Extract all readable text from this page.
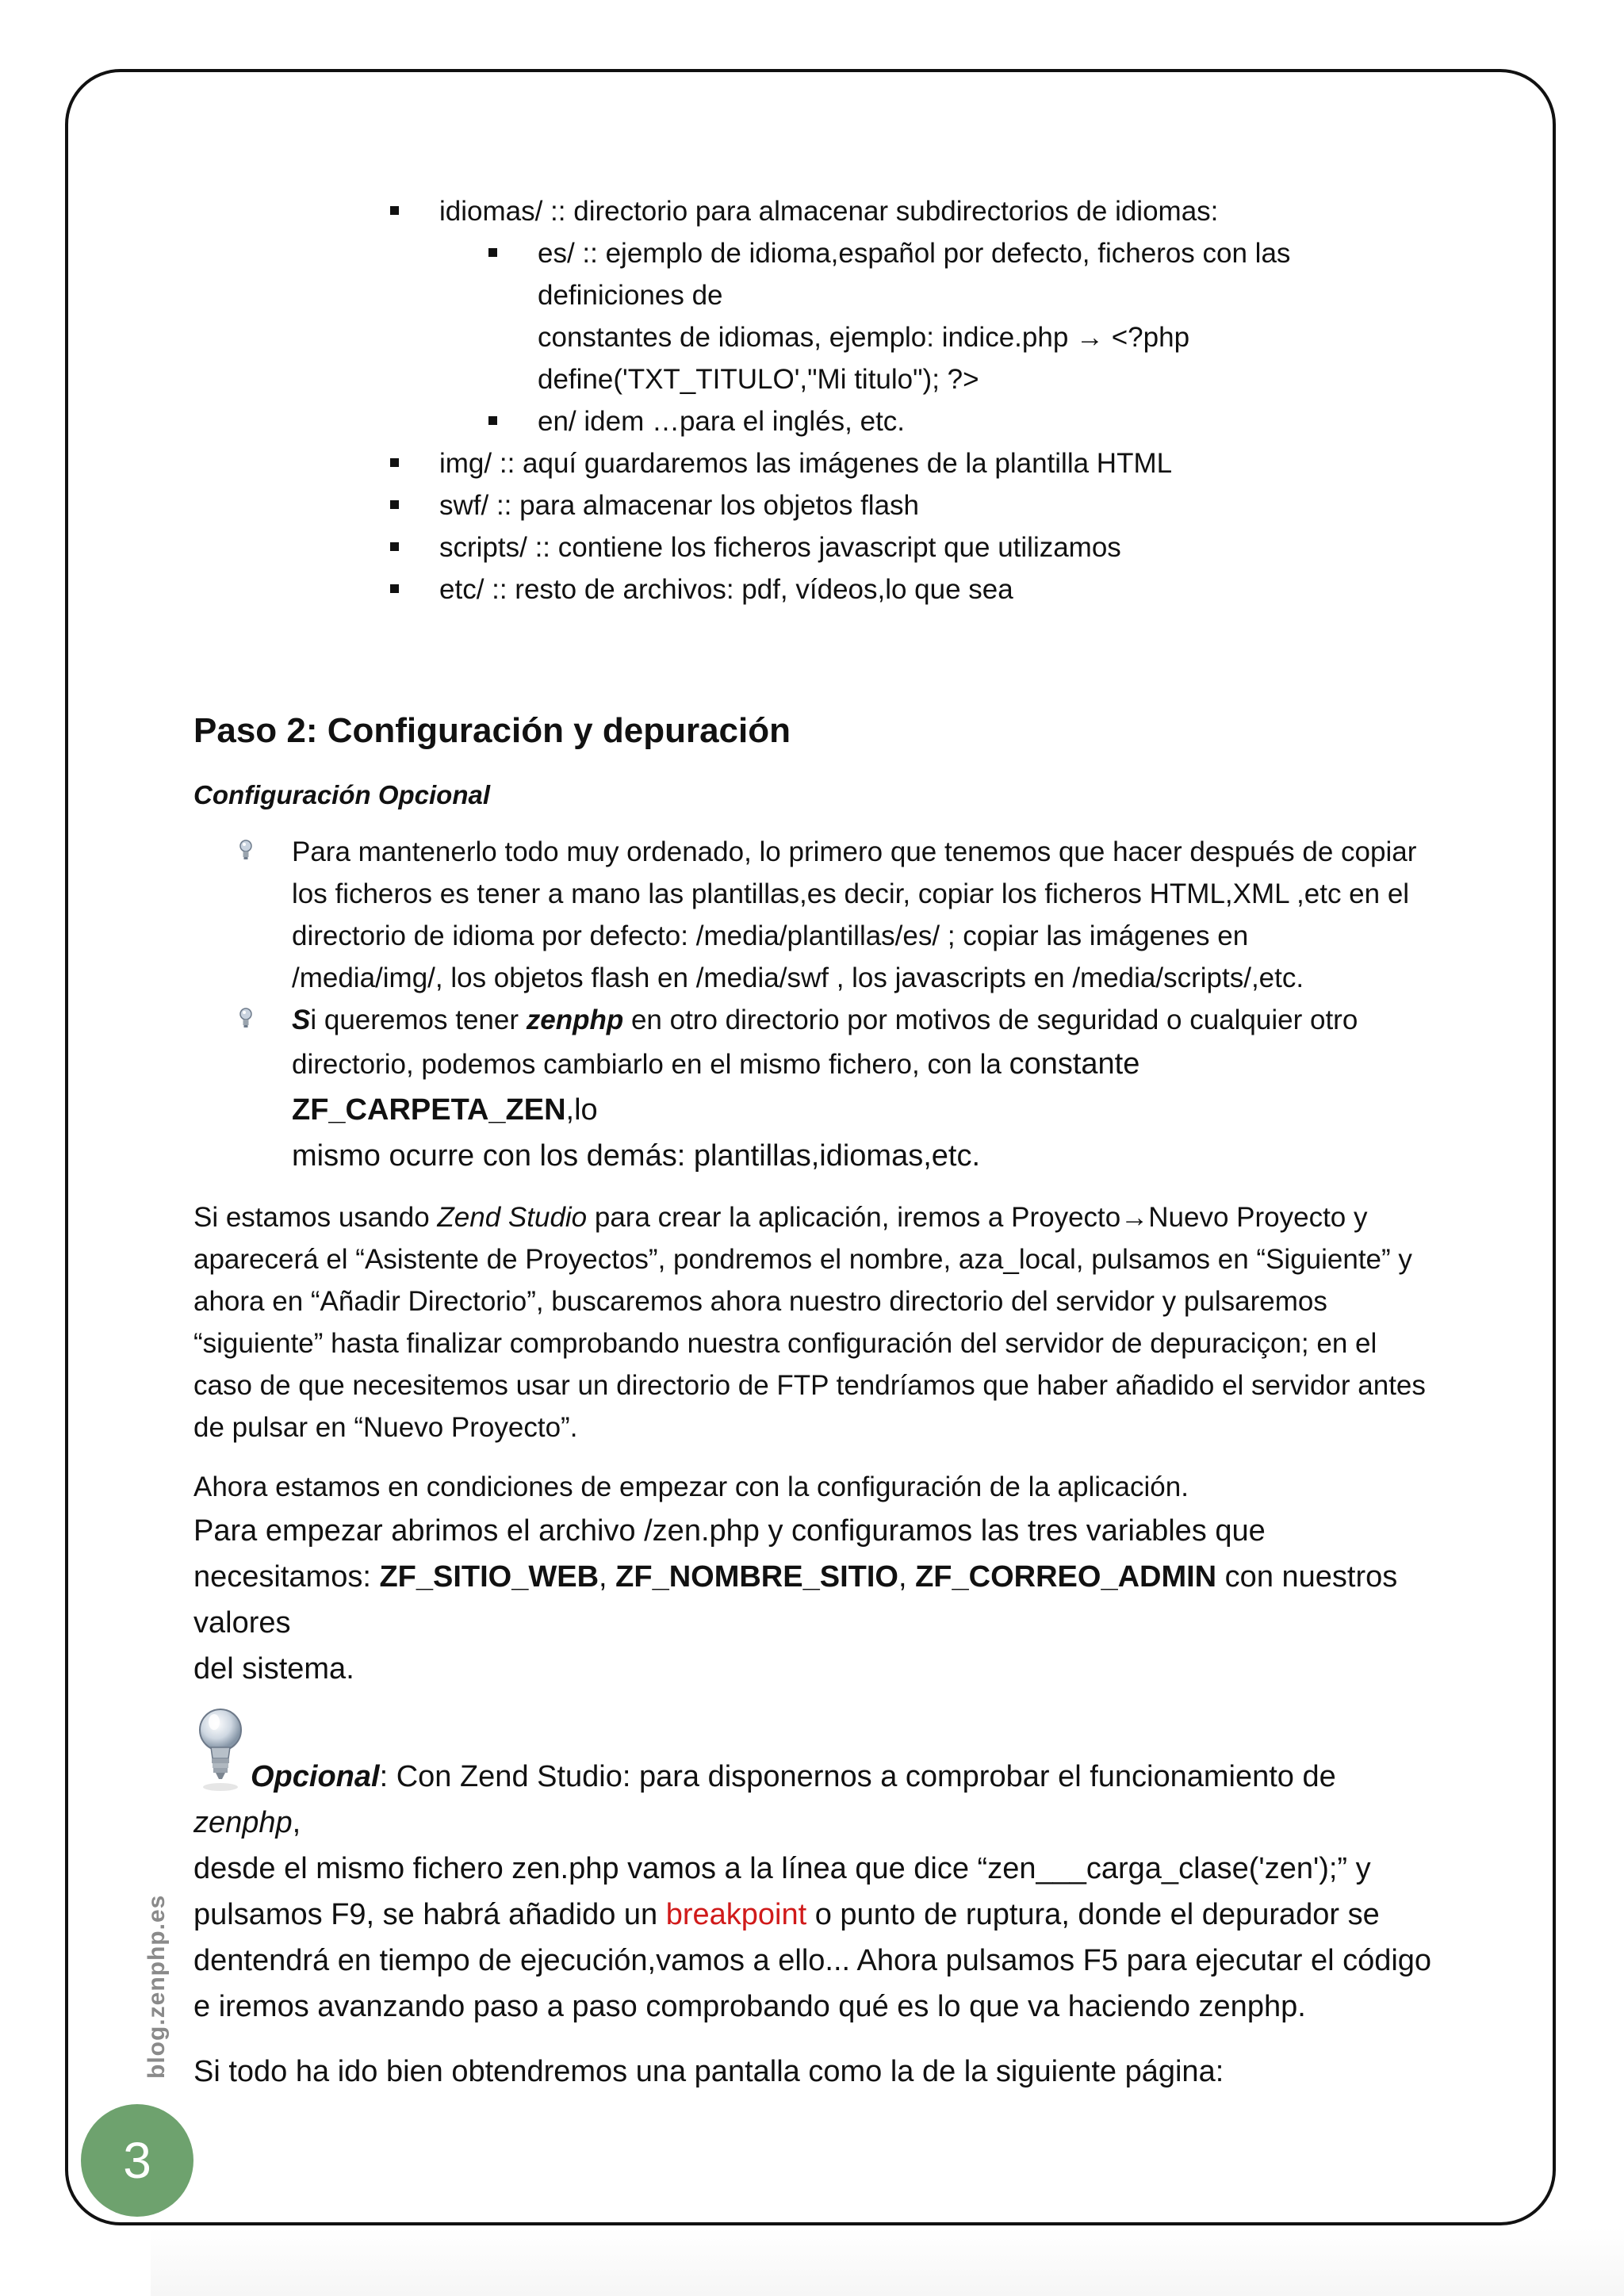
idiomas/ :: directorio para almacenar subdirectorios de idiomas:
es/ :: ejemplo de idioma,español por defecto, ficheros con las definiciones de
constantes de idiomas, ejemplo: indice.php → <?php
define('TXT_TITULO',"Mi titulo"); ?>
en/ idem …para el inglés, etc.
img/ :: aquí guardaremos las imágenes de la plantilla HTML
swf/ :: para almacenar los objetos flash
scripts/ :: contiene los ficheros javascript que utilizamos
etc/ :: resto de archivos: pdf, vídeos,lo que sea
Paso 2: Configuración y depuración
Configuración Opcional
Para mantenerlo todo muy ordenado, lo primero que tenemos que hacer después de copiar
los ficheros es tener a mano las plantillas,es decir, copiar los ficheros HTML,XML ,etc en el
directorio de idioma por defecto: /media/plantillas/es/ ; copiar las imágenes en
/media/img/, los objetos flash en /media/swf , los javascripts en /media/scripts/,etc.
Si queremos tener zenphp en otro directorio por motivos de seguridad o cualquier otro
directorio, podemos cambiarlo en el mismo fichero, con la constante ZF_CARPETA_ZEN,lo
mismo ocurre con los demás: plantillas,idiomas,etc.

Si estamos usando Zend Studio para crear la aplicación, iremos a Proyecto→Nuevo Proyecto y
aparecerá el “Asistente de Proyectos”, pondremos el nombre, aza_local, pulsamos en “Siguiente” y
ahora en “Añadir Directorio”, buscaremos ahora nuestro directorio del servidor y pulsaremos
“siguiente” hasta finalizar comprobando nuestra configuración del servidor de depuraciçon; en el
caso de que necesitemos usar un directorio de FTP tendríamos que haber añadido el servidor antes
de pulsar en “Nuevo Proyecto”.

Ahora estamos en condiciones de empezar con la configuración de la aplicación.

Para empezar abrimos el archivo /zen.php y configuramos las tres variables que
necesitamos: ZF_SITIO_WEB, ZF_NOMBRE_SITIO, ZF_CORREO_ADMIN con nuestros valores
del sistema.

Opcional: Con Zend Studio: para disponernos a comprobar el funcionamiento de zenphp,
desde el mismo fichero zen.php vamos a la línea que dice “zen___carga_clase('zen');” y
pulsamos F9, se habrá añadido un breakpoint o punto de ruptura, donde el depurador se
dentendrá en tiempo de ejecución,vamos a ello... Ahora pulsamos F5 para ejecutar el código
e iremos avanzando paso a paso comprobando qué es lo que va haciendo zenphp.

Si todo ha ido bien obtendremos una pantalla como la de la siguiente página:

blog.zenphp.es
3
